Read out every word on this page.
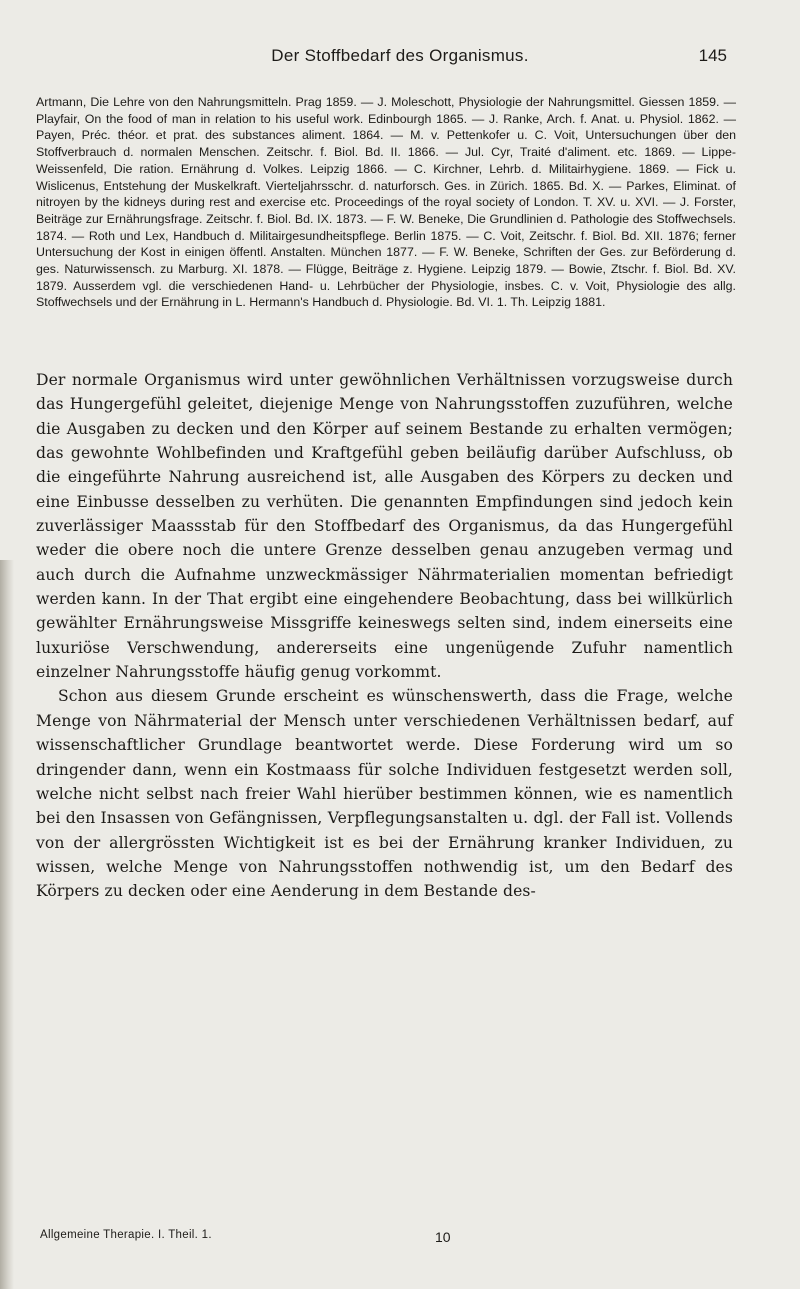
Der Stoffbedarf des Organismus.	145
Artmann, Die Lehre von den Nahrungsmitteln. Prag 1859. — J. Moleschott, Physiologie der Nahrungsmittel. Giessen 1859. — Playfair, On the food of man in relation to his useful work. Edinbourgh 1865. — J. Ranke, Arch. f. Anat. u. Physiol. 1862. — Payen, Préc. théor. et prat. des substances aliment. 1864. — M. v. Pettenkofer u. C. Voit, Untersuchungen über den Stoffverbrauch d. normalen Menschen. Zeitschr. f. Biol. Bd. II. 1866. — Jul. Cyr, Traité d'aliment. etc. 1869. — Lippe-Weissenfeld, Die ration. Ernährung d. Volkes. Leipzig 1866. — C. Kirchner, Lehrb. d. Militairhygiene. 1869. — Fick u. Wislicenus, Entstehung der Muskelkraft. Vierteljahrsschr. d. naturforsch. Ges. in Zürich. 1865. Bd. X. — Parkes, Eliminat. of nitroyen by the kidneys during rest and exercise etc. Proceedings of the royal society of London. T. XV. u. XVI. — J. Forster, Beiträge zur Ernährungsfrage. Zeitschr. f. Biol. Bd. IX. 1873. — F. W. Beneke, Die Grundlinien d. Pathologie des Stoffwechsels. 1874. — Roth und Lex, Handbuch d. Militairgesundheitspflege. Berlin 1875. — C. Voit, Zeitschr. f. Biol. Bd. XII. 1876; ferner Untersuchung der Kost in einigen öffentl. Anstalten. München 1877. — F. W. Beneke, Schriften der Ges. zur Beförderung d. ges. Naturwissensch. zu Marburg. XI. 1878. — Flügge, Beiträge z. Hygiene. Leipzig 1879. — Bowie, Ztschr. f. Biol. Bd. XV. 1879. Ausserdem vgl. die verschiedenen Hand- u. Lehrbücher der Physiologie, insbes. C. v. Voit, Physiologie des allg. Stoffwechsels und der Ernährung in L. Hermann's Handbuch d. Physiologie. Bd. VI. 1. Th. Leipzig 1881.

Der normale Organismus wird unter gewöhnlichen Verhältnissen vorzugsweise durch das Hungergefühl geleitet, diejenige Menge von Nahrungsstoffen zuzuführen, welche die Ausgaben zu decken und den Körper auf seinem Bestande zu erhalten vermögen; das gewohnte Wohlbefinden und Kraftgefühl geben beiläufig darüber Aufschluss, ob die eingeführte Nahrung ausreichend ist, alle Ausgaben des Körpers zu decken und eine Einbusse desselben zu verhüten. Die genannten Empfindungen sind jedoch kein zuverlässiger Maassstab für den Stoffbedarf des Organismus, da das Hungergefühl weder die obere noch die untere Grenze desselben genau anzugeben vermag und auch durch die Aufnahme unzweckmässiger Nährmaterialien momentan befriedigt werden kann. In der That ergibt eine eingehendere Beobachtung, dass bei willkürlich gewählter Ernährungsweise Missgriffe keineswegs selten sind, indem einerseits eine luxuriöse Verschwendung, andererseits eine ungenügende Zufuhr namentlich einzelner Nahrungsstoffe häufig genug vorkommt.

Schon aus diesem Grunde erscheint es wünschenswerth, dass die Frage, welche Menge von Nährmaterial der Mensch unter verschiedenen Verhältnissen bedarf, auf wissenschaftlicher Grundlage beantwortet werde. Diese Forderung wird um so dringender dann, wenn ein Kostmaass für solche Individuen festgesetzt werden soll, welche nicht selbst nach freier Wahl hierüber bestimmen können, wie es namentlich bei den Insassen von Gefängnissen, Verpflegungsanstalten u. dgl. der Fall ist. Vollends von der allergrössten Wichtigkeit ist es bei der Ernährung kranker Individuen, zu wissen, welche Menge von Nahrungsstoffen nothwendig ist, um den Bedarf des Körpers zu decken oder eine Aenderung in dem Bestande des-

Allgemeine Therapie. I. Theil. 1.	10
